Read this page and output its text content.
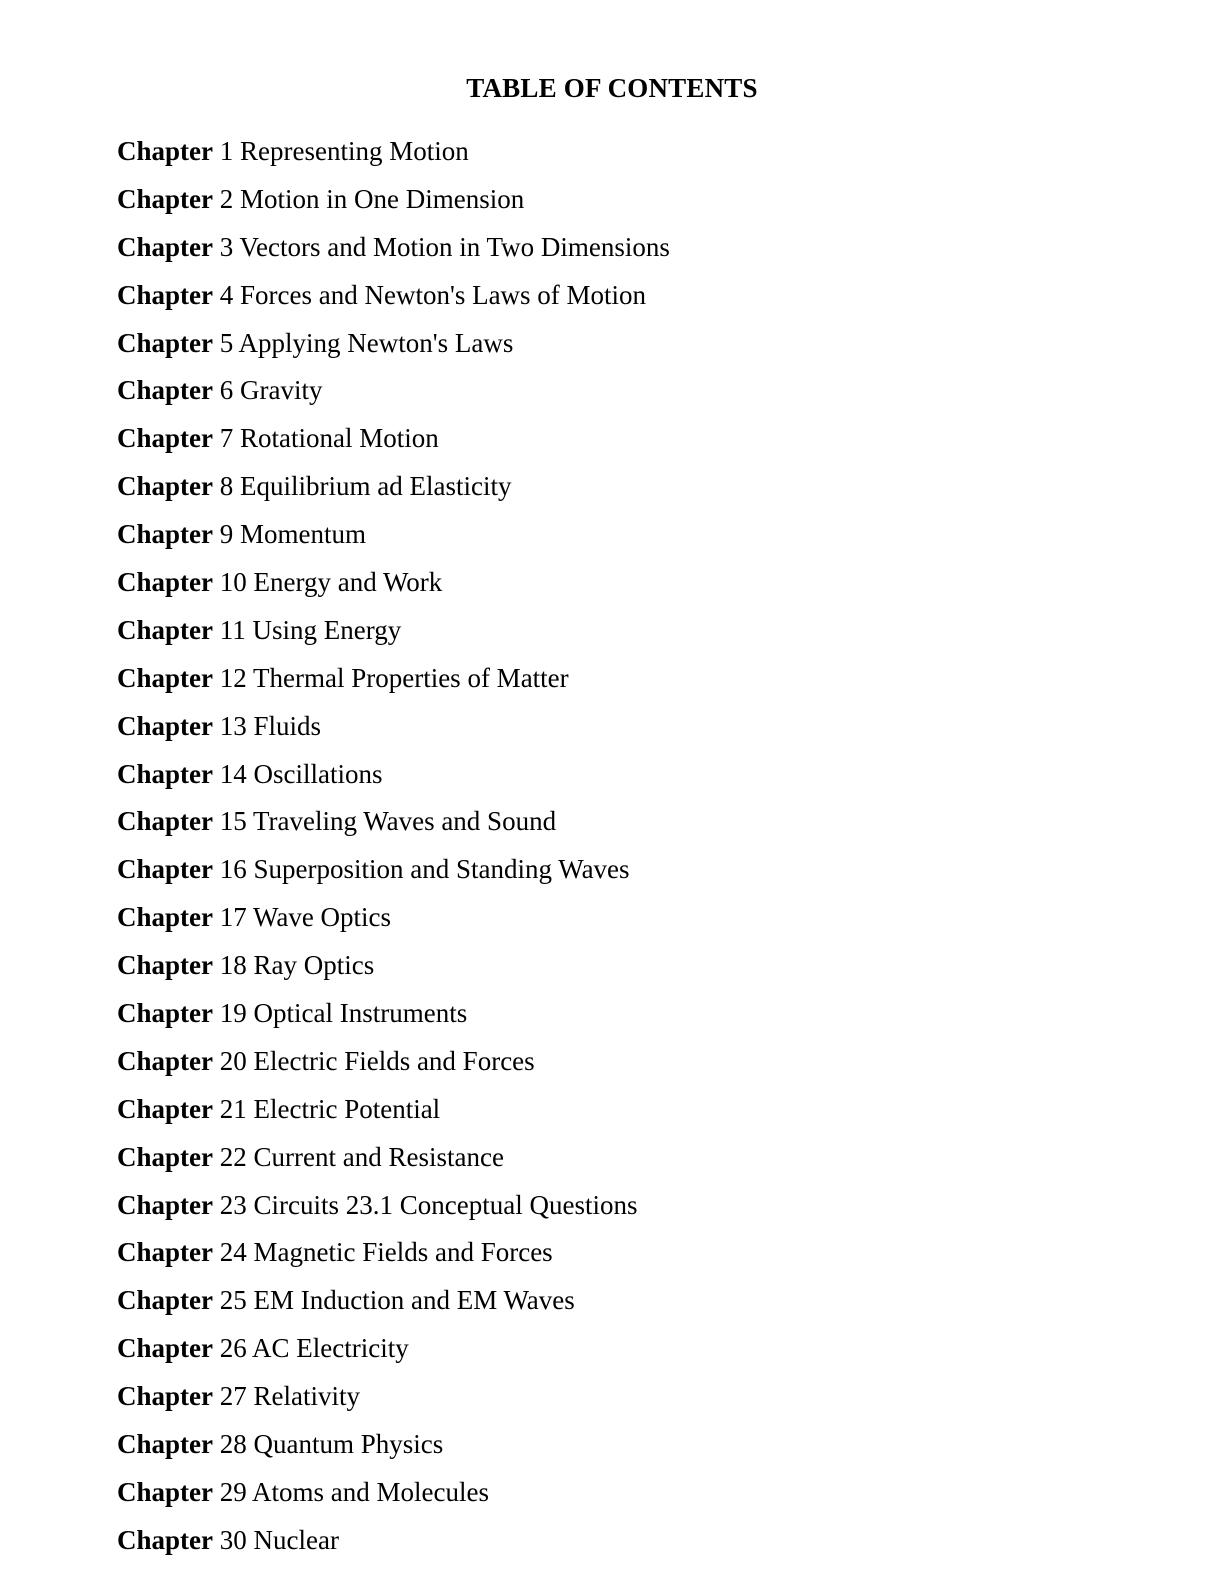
TABLE OF CONTENTS
Chapter 1 Representing Motion
Chapter 2 Motion in One Dimension
Chapter 3 Vectors and Motion in Two Dimensions
Chapter 4 Forces and Newton's Laws of Motion
Chapter 5 Applying Newton's Laws
Chapter 6 Gravity
Chapter 7 Rotational Motion
Chapter 8 Equilibrium ad Elasticity
Chapter 9 Momentum
Chapter 10 Energy and Work
Chapter 11 Using Energy
Chapter 12 Thermal Properties of Matter
Chapter 13 Fluids
Chapter 14 Oscillations
Chapter 15 Traveling Waves and Sound
Chapter 16 Superposition and Standing Waves
Chapter 17 Wave Optics
Chapter 18 Ray Optics
Chapter 19 Optical Instruments
Chapter 20 Electric Fields and Forces
Chapter 21 Electric Potential
Chapter 22 Current and Resistance
Chapter 23 Circuits 23.1 Conceptual Questions
Chapter 24 Magnetic Fields and Forces
Chapter 25 EM Induction and EM Waves
Chapter 26 AC Electricity
Chapter 27 Relativity
Chapter 28 Quantum Physics
Chapter 29 Atoms and Molecules
Chapter 30 Nuclear
